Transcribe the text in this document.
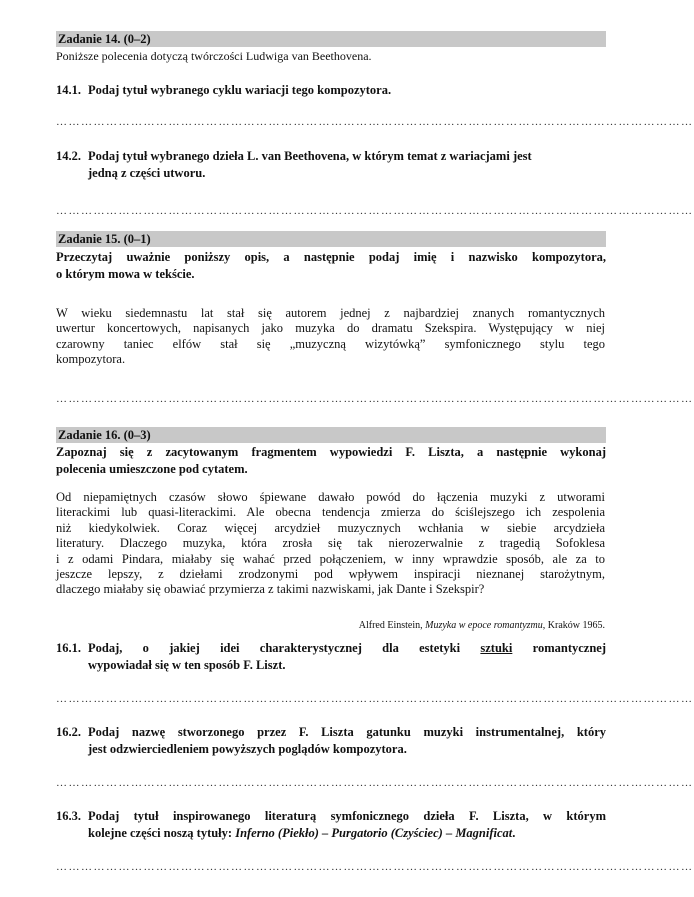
Zadanie 14. (0–2)
Poniższe polecenia dotyczą twórczości Ludwiga van Beethovena.
14.1. Podaj tytuł wybranego cyklu wariacji tego kompozytora.
………………………………………………………………………………………………………………………………………
14.2. Podaj tytuł wybranego dzieła L. van Beethovena, w którym temat z wariacjami jest
jedną z części utworu.
………………………………………………………………………………………………………………………………………
Zadanie 15. (0–1)
Przeczytaj uważnie poniższy opis, a następnie podaj imię i nazwisko kompozytora,
o którym mowa w tekście.
W wieku siedemnastu lat stał się autorem jednej z najbardziej znanych romantycznych
uwertur koncertowych, napisanych jako muzyka do dramatu Szekspira. Występujący w niej
czarowny taniec elfów stał się „muzyczną wizytówką” symfonicznego stylu tego
kompozytora.
………………………………………………………………………………………………………………………………………
Zadanie 16. (0–3)
Zapoznaj się z zacytowanym fragmentem wypowiedzi F. Liszta, a następnie wykonaj
polecenia umieszczone pod cytatem.
Od niepamiętnych czasów słowo śpiewane dawało powód do łączenia muzyki z utworami
literackimi lub quasi-literackimi. Ale obecna tendencja zmierza do ściślejszego ich zespolenia
niż kiedykolwiek. Coraz więcej arcydzieł muzycznych wchłania w siebie arcydzieła
literatury. Dlaczego muzyka, która zrosła się tak nierozerwalnie z tragedią Sofoklesa
i z odami Pindara, miałaby się wahać przed połączeniem, w inny wprawdzie sposób, ale za to
jeszcze lepszy, z dziełami zrodzonymi pod wpływem inspiracji nieznanej starożytnym,
dlaczego miałaby się obawiać przymierza z takimi nazwiskami, jak Dante i Szekspir?
Alfred Einstein, Muzyka w epoce romantyzmu, Kraków 1965.
16.1. Podaj, o jakiej idei charakterystycznej dla estetyki sztuki romantycznej
wypowiadał się w ten sposób F. Liszt.
………………………………………………………………………………………………………………………………………
16.2. Podaj nazwę stworzonego przez F. Liszta gatunku muzyki instrumentalnej, który
jest odzwierciedleniem powyższych poglądów kompozytora.
………………………………………………………………………………………………………………………………………
16.3. Podaj tytuł inspirowanego literaturą symfonicznego dzieła F. Liszta, w którym
kolejne części noszą tytuły: Inferno (Piekło) – Purgatorio (Czyściec) – Magnificat.
………………………………………………………………………………………………………………………………………
